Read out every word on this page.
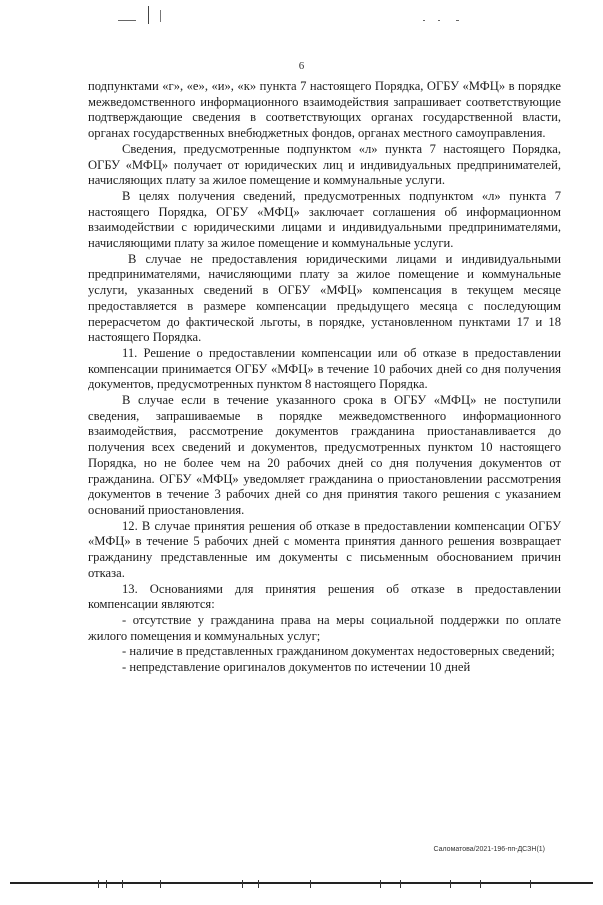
6

подпунктами «г», «е», «и», «к» пункта 7 настоящего Порядка, ОГБУ «МФЦ» в порядке межведомственного информационного взаимодействия запрашивает соответствующие подтверждающие сведения в соответствующих органах государственной власти, органах государственных внебюджетных фондов, органах местного самоуправления.

Сведения, предусмотренные подпунктом «л» пункта 7 настоящего Порядка, ОГБУ «МФЦ» получает от юридических лиц и индивидуальных предпринимателей, начисляющих плату за жилое помещение и коммунальные услуги.

В целях получения сведений, предусмотренных подпунктом «л» пункта 7 настоящего Порядка, ОГБУ «МФЦ» заключает соглашения об информационном взаимодействии с юридическими лицами и индивидуальными предпринимателями, начисляющими плату за жилое помещение и коммунальные услуги.

В случае не предоставления юридическими лицами и индивидуальными предпринимателями, начисляющими плату за жилое помещение и коммунальные услуги, указанных сведений в ОГБУ «МФЦ» компенсация в текущем месяце предоставляется в размере компенсации предыдущего месяца с последующим перерасчетом до фактической льготы, в порядке, установленном пунктами 17 и 18 настоящего Порядка.

11. Решение о предоставлении компенсации или об отказе в предоставлении компенсации принимается ОГБУ «МФЦ» в течение 10 рабочих дней со дня получения документов, предусмотренных пунктом 8 настоящего Порядка.

В случае если в течение указанного срока в ОГБУ «МФЦ» не поступили сведения, запрашиваемые в порядке межведомственного информационного взаимодействия, рассмотрение документов гражданина приостанавливается до получения всех сведений и документов, предусмотренных пунктом 10 настоящего Порядка, но не более чем на 20 рабочих дней со дня получения документов от гражданина. ОГБУ «МФЦ» уведомляет гражданина о приостановлении рассмотрения документов в течение 3 рабочих дней со дня принятия такого решения с указанием оснований приостановления.

12. В случае принятия решения об отказе в предоставлении компенсации ОГБУ «МФЦ» в течение 5 рабочих дней с момента принятия данного решения возвращает гражданину представленные им документы с письменным обоснованием причин отказа.

13. Основаниями для принятия решения об отказе в предоставлении компенсации являются:

- отсутствие у гражданина права на меры социальной поддержки по оплате жилого помещения и коммунальных услуг;

- наличие в представленных гражданином документах недостоверных сведений;

- непредставление оригиналов документов по истечении 10 дней

Саломатова/2021-196-пп-ДСЗН(1)
